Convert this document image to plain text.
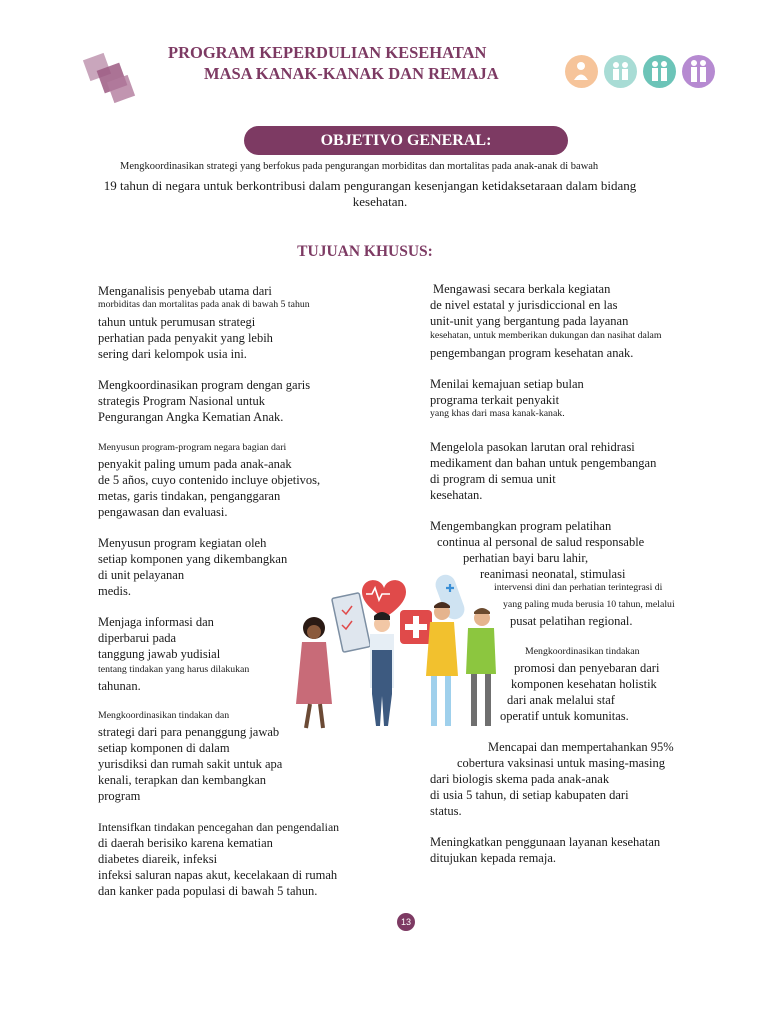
PROGRAM KEPERDULIAN KESEHATAN
MASA KANAK-KANAK DAN REMAJA
OBJETIVO GENERAL:
Mengkoordinasikan strategi yang berfokus pada pengurangan morbiditas dan mortalitas pada anak-anak di bawah
19 tahun di negara untuk berkontribusi dalam pengurangan kesenjangan ketidaksetaraan dalam bidang
kesehatan.
TUJUAN KHUSUS:
Menganalisis penyebab utama dari
morbiditas dan mortalitas pada anak di bawah 5 tahun
tahun untuk perumusan strategi
perhatian pada penyakit yang lebih
sering dari kelompok usia ini.
Mengkoordinasikan program dengan garis
strategis Program Nasional untuk
Pengurangan Angka Kematian Anak.
Menyusun program-program negara bagian dari
penyakit paling umum pada anak-anak
de 5 años, cuyo contenido incluye objetivos,
metas, garis tindakan, penganggaran
pengawasan dan evaluasi.
Menyusun program kegiatan oleh
setiap komponen yang dikembangkan
di unit pelayanan
medis.
Menjaga informasi dan
diperbarui pada
tanggung jawab yudisial
tentang tindakan yang harus dilakukan
tahunan.
Mengkoordinasikan tindakan dan
strategi dari para penanggung jawab
setiap komponen di dalam
yurisdiksi dan rumah sakit untuk apa
kenali, terapkan dan kembangkan
program
Intensifkan tindakan pencegahan dan pengendalian
di daerah berisiko karena kematian
diabetes diareik, infeksi
infeksi saluran napas akut, kecelakaan di rumah
dan kanker pada populasi di bawah 5 tahun.
Mengawasi secara berkala kegiatan
de nivel estatal y jurisdiccional en las
unit-unit yang bergantung pada layanan
kesehatan, untuk memberikan dukungan dan nasihat dalam
pengembangan program kesehatan anak.
Menilai kemajuan setiap bulan
programa terkait penyakit
yang khas dari masa kanak-kanak.
Mengelola pasokan larutan oral rehidrasi
medikament dan bahan untuk pengembangan
di program di semua unit
kesehatan.
Mengembangkan program pelatihan
continua al personal de salud responsable
perhatian bayi baru lahir,
reanimasi neonatal, stimulasi
intervensi dini dan perhatian terintegrasi di
yang paling muda berusia 10 tahun, melalui
pusat pelatihan regional.
Mengkoordinasikan tindakan
promosi dan penyebaran dari
komponen kesehatan holistik
dari anak melalui staf
operatif untuk komunitas.
Mencapai dan mempertahankan 95%
cobertura vaksinasi untuk masing-masing
dari biologis skema pada anak-anak
di usia 5 tahun, di setiap kabupaten dari
status.
Meningkatkan penggunaan layanan kesehatan
ditujukan kepada remaja.
13
